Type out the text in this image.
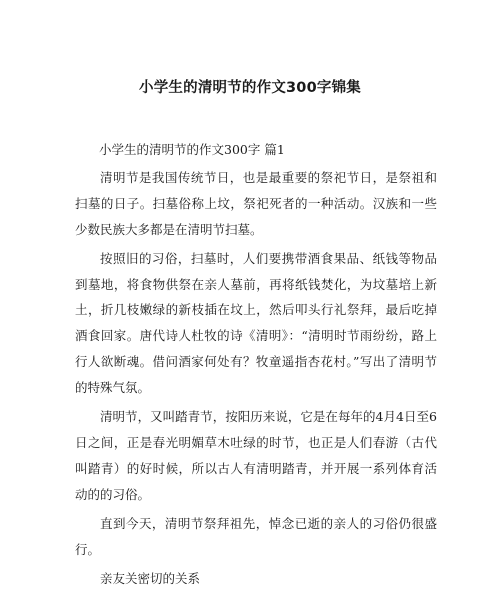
小学生的清明节的作文300字锦集
小学生的清明节的作文300字 篇1

清明节是我国传统节日，也是最重要的祭祀节日，是祭祖和扫墓的日子。扫墓俗称上坟，祭祀死者的一种活动。汉族和一些少数民族大多都是在清明节扫墓。

按照旧的习俗，扫墓时，人们要携带酒食果品、纸钱等物品到墓地，将食物供祭在亲人墓前，再将纸钱焚化，为坟墓培上新土，折几枝嫩绿的新枝插在坟上，然后叩头行礼祭拜，最后吃掉酒食回家。唐代诗人杜牧的诗《清明》：“清明时节雨纷纷，路上行人欲断魂。借问酒家何处有？牧童遥指杏花村。”写出了清明节的特殊气氛。

清明节，又叫踏青节，按阳历来说，它是在每年的4月4日至6日之间，正是春光明媚草木吐绿的时节，也正是人们春游（古代叫踏青）的好时候，所以古人有清明踏青，并开展一系列体育活动的的习俗。

直到今天，清明节祭拜祖先，悼念已逝的亲人的习俗仍很盛行。

亲友关密切的关系
